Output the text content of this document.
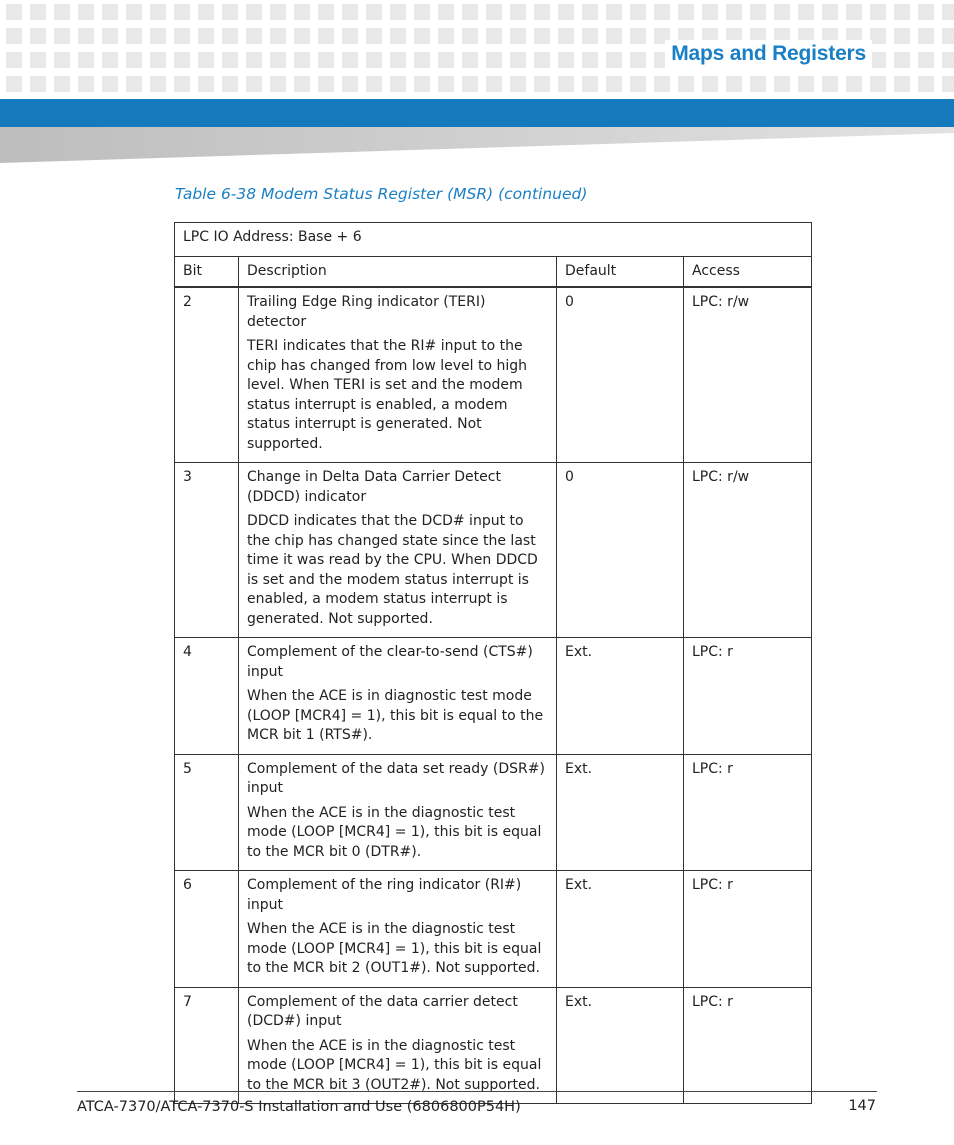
Maps and Registers

Table 6-38 Modem Status Register (MSR) (continued)

LPC IO Address: Base + 6			
Bit	Description	Default	Access
2	Trailing Edge Ring indicator (TERI) detector

TERI indicates that the RI# input to the chip has changed from low level to high level. When TERI is set and the modem status interrupt is enabled, a modem status interrupt is generated. Not supported.	0	LPC: r/w
3	Change in Delta Data Carrier Detect (DDCD) indicator

DDCD indicates that the DCD# input to the chip has changed state since the last time it was read by the CPU. When DDCD is set and the modem status interrupt is enabled, a modem status interrupt is generated. Not supported.	0	LPC: r/w
4	Complement of the clear-to-send (CTS#) input

When the ACE is in diagnostic test mode (LOOP [MCR4] = 1), this bit is equal to the MCR bit 1 (RTS#).	Ext.	LPC: r
5	Complement of the data set ready (DSR#) input

When the ACE is in the diagnostic test mode (LOOP [MCR4] = 1), this bit is equal to the MCR bit 0 (DTR#).	Ext.	LPC: r
6	Complement of the ring indicator (RI#) input

When the ACE is in the diagnostic test mode (LOOP [MCR4] = 1), this bit is equal to the MCR bit 2 (OUT1#). Not supported.	Ext.	LPC: r
7	Complement of the data carrier detect (DCD#) input

When the ACE is in the diagnostic test mode (LOOP [MCR4] = 1), this bit is equal to the MCR bit 3 (OUT2#). Not supported.	Ext.	LPC: r

ATCA-7370/ATCA-7370-S Installation and Use (6806800P54H)	147
